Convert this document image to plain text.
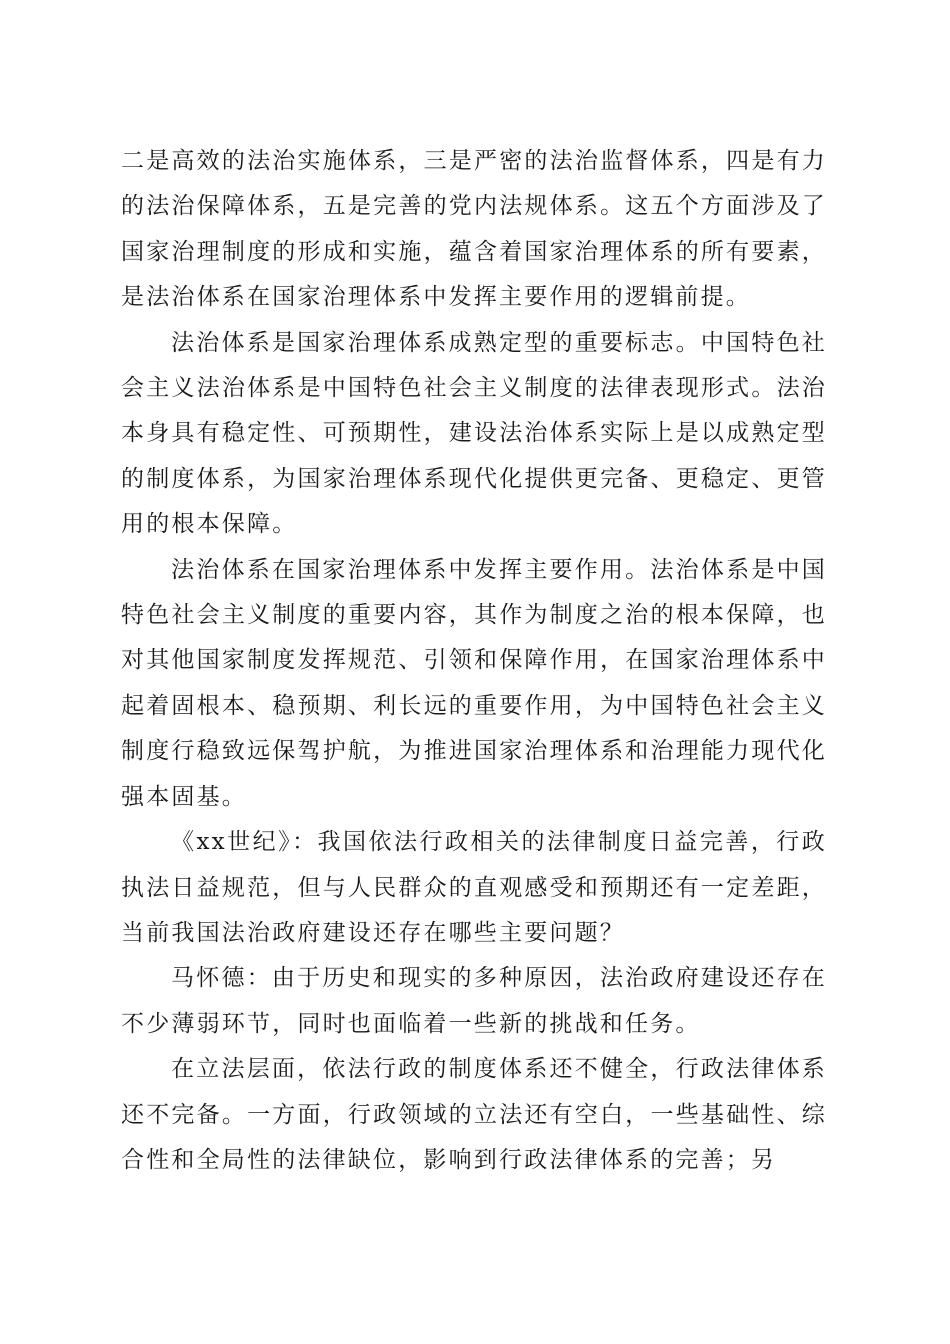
二是高效的法治实施体系，三是严密的法治监督体系，四是有力的法治保障体系，五是完善的党内法规体系。这五个方面涉及了国家治理制度的形成和实施，蕴含着国家治理体系的所有要素，是法治体系在国家治理体系中发挥主要作用的逻辑前提。

法治体系是国家治理体系成熟定型的重要标志。中国特色社会主义法治体系是中国特色社会主义制度的法律表现形式。法治本身具有稳定性、可预期性，建设法治体系实际上是以成熟定型的制度体系，为国家治理体系现代化提供更完备、更稳定、更管用的根本保障。

法治体系在国家治理体系中发挥主要作用。法治体系是中国特色社会主义制度的重要内容，其作为制度之治的根本保障，也对其他国家制度发挥规范、引领和保障作用，在国家治理体系中起着固根本、稳预期、利长远的重要作用，为中国特色社会主义制度行稳致远保驾护航，为推进国家治理体系和治理能力现代化强本固基。

《xx世纪》：我国依法行政相关的法律制度日益完善，行政执法日益规范，但与人民群众的直观感受和预期还有一定差距，当前我国法治政府建设还存在哪些主要问题？

马怀德：由于历史和现实的多种原因，法治政府建设还存在不少薄弱环节，同时也面临着一些新的挑战和任务。

在立法层面，依法行政的制度体系还不健全，行政法律体系还不完备。一方面，行政领域的立法还有空白，一些基础性、综合性和全局性的法律缺位，影响到行政法律体系的完善；另
